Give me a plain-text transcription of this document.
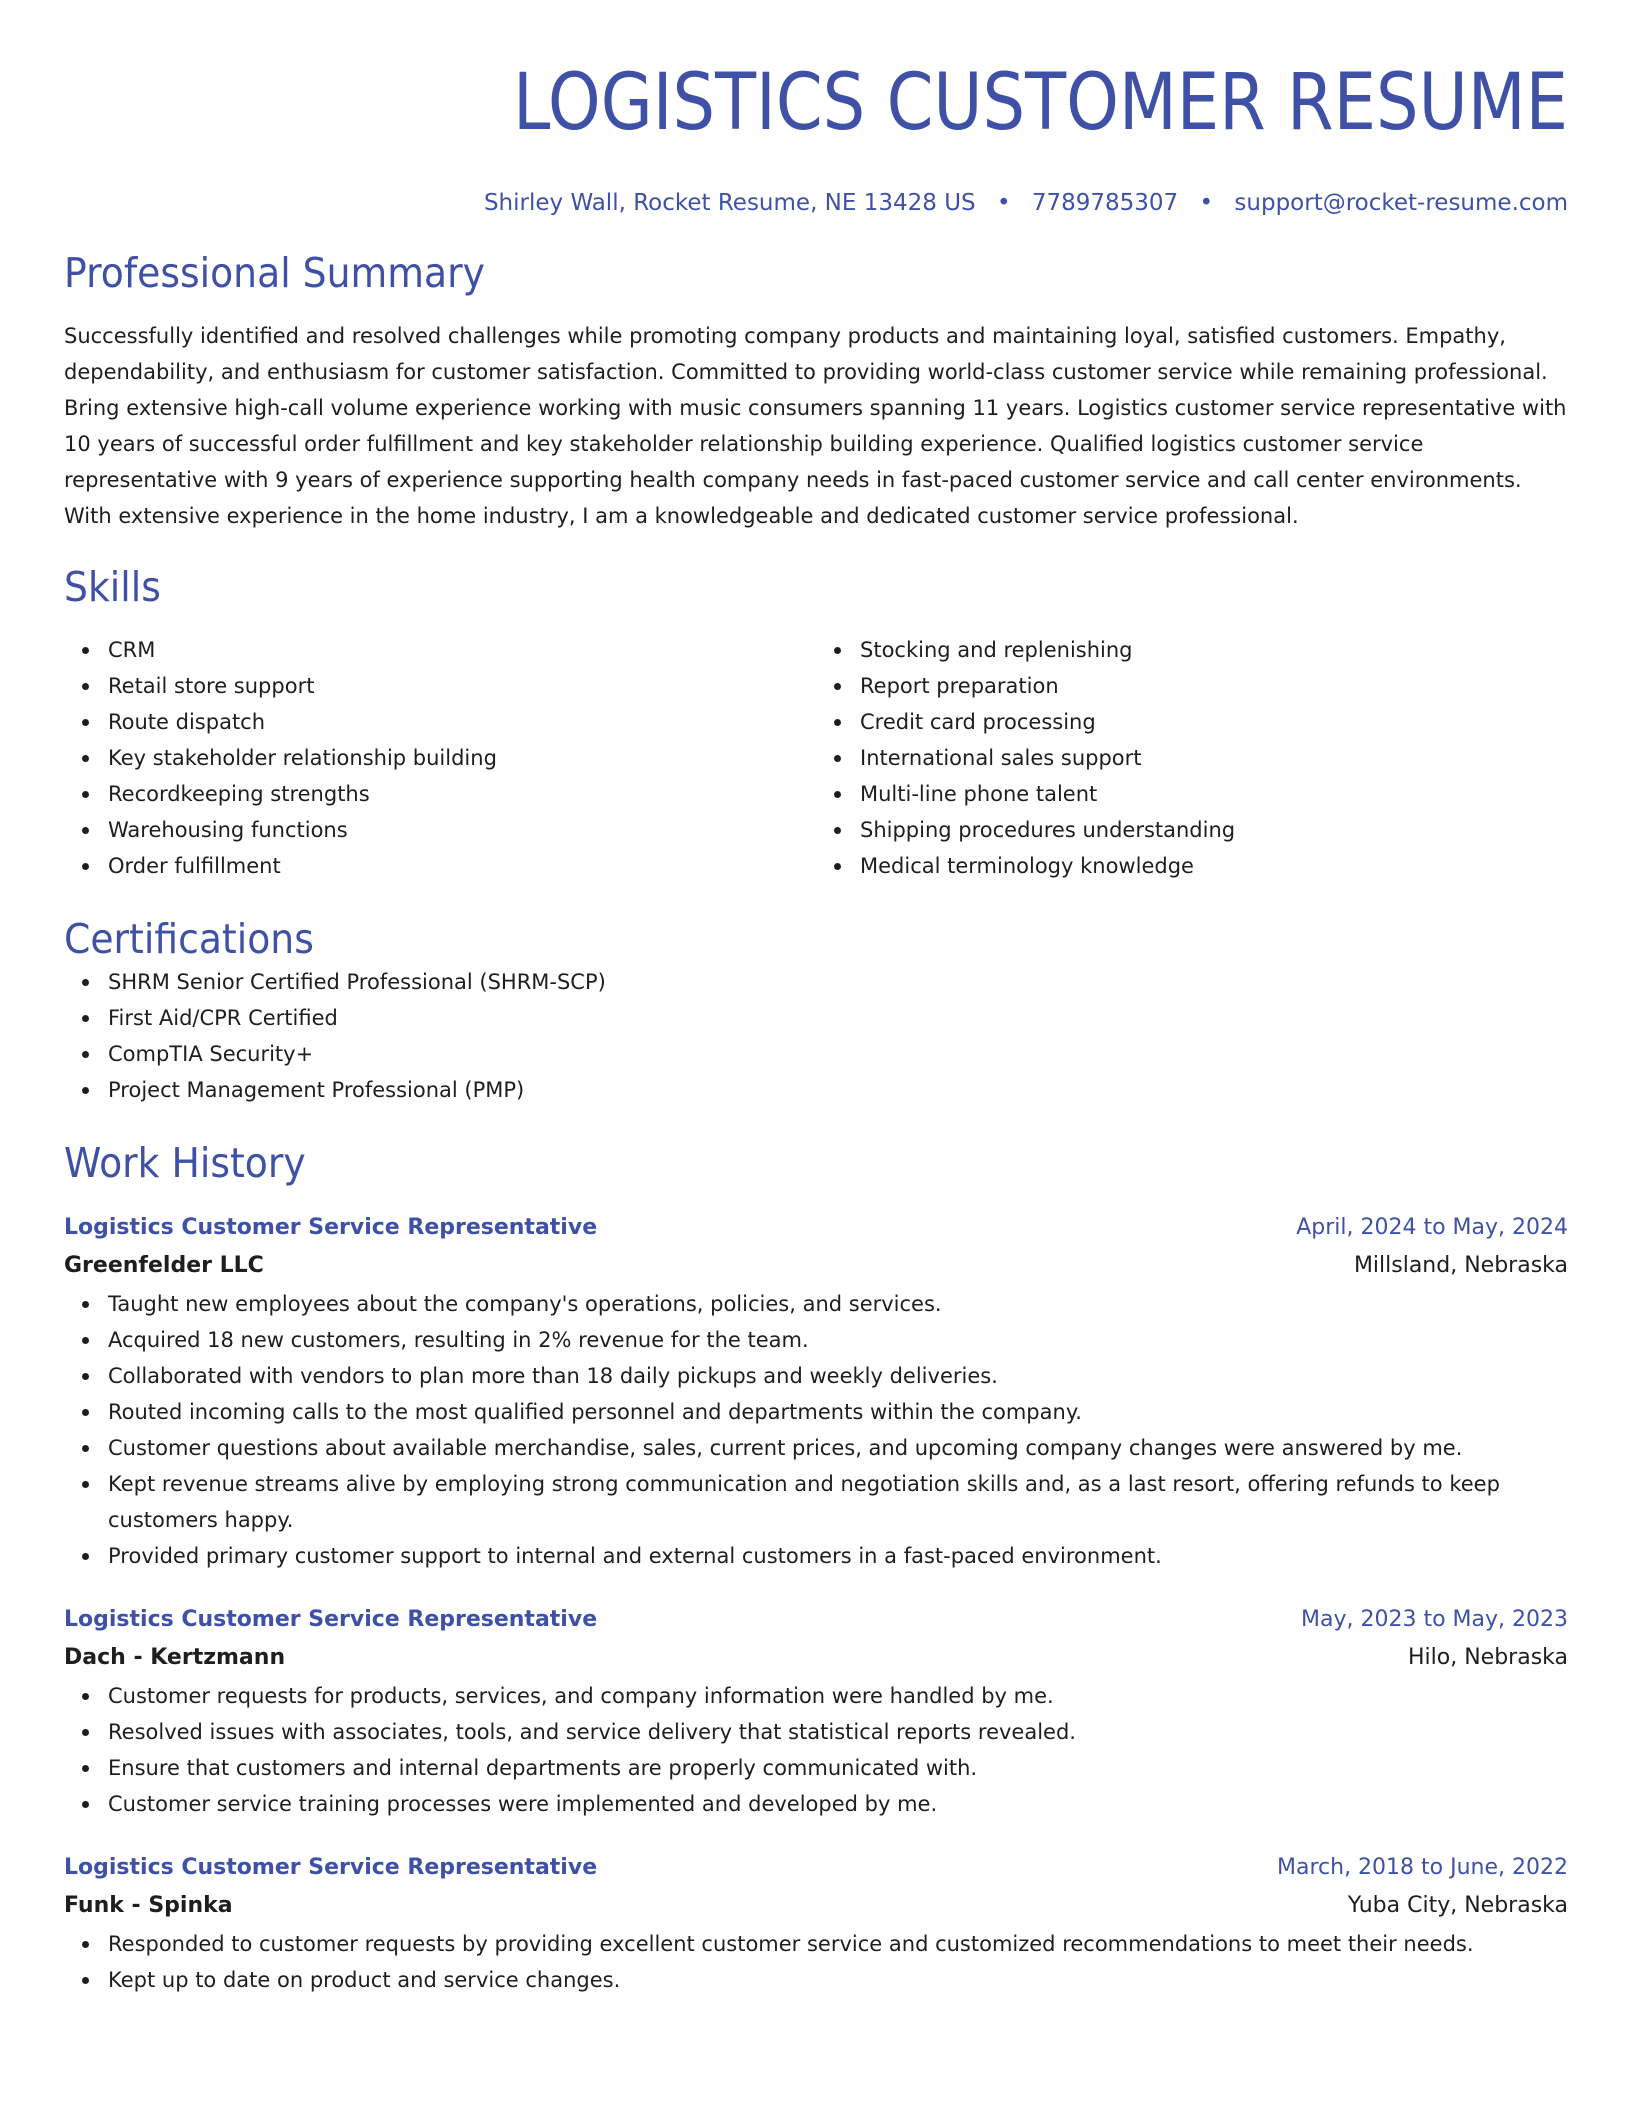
LOGISTICS CUSTOMER RESUME
Shirley Wall, Rocket Resume, NE 13428 US • 7789785307 • support@rocket-resume.com
Professional Summary

Successfully identified and resolved challenges while promoting company products and maintaining loyal, satisfied customers. Empathy, dependability, and enthusiasm for customer satisfaction. Committed to providing world-class customer service while remaining professional. Bring extensive high-call volume experience working with music consumers spanning 11 years. Logistics customer service representative with 10 years of successful order fulfillment and key stakeholder relationship building experience. Qualified logistics customer service representative with 9 years of experience supporting health company needs in fast-paced customer service and call center environments. With extensive experience in the home industry, I am a knowledgeable and dedicated customer service professional.

Skills
CRM
Retail store support
Route dispatch
Key stakeholder relationship building
Recordkeeping strengths
Warehousing functions
Order fulfillment
Stocking and replenishing
Report preparation
Credit card processing
International sales support
Multi-line phone talent
Shipping procedures understanding
Medical terminology knowledge
Certifications
SHRM Senior Certified Professional (SHRM-SCP)
First Aid/CPR Certified
CompTIA Security+
Project Management Professional (PMP)
Work History
Logistics Customer Service Representative	April, 2024 to May, 2024
Greenfelder LLC	Millsland, Nebraska
Taught new employees about the company's operations, policies, and services.
Acquired 18 new customers, resulting in 2% revenue for the team.
Collaborated with vendors to plan more than 18 daily pickups and weekly deliveries.
Routed incoming calls to the most qualified personnel and departments within the company.
Customer questions about available merchandise, sales, current prices, and upcoming company changes were answered by me.
Kept revenue streams alive by employing strong communication and negotiation skills and, as a last resort, offering refunds to keep customers happy.
Provided primary customer support to internal and external customers in a fast-paced environment.
Logistics Customer Service Representative	May, 2023 to May, 2023
Dach - Kertzmann	Hilo, Nebraska
Customer requests for products, services, and company information were handled by me.
Resolved issues with associates, tools, and service delivery that statistical reports revealed.
Ensure that customers and internal departments are properly communicated with.
Customer service training processes were implemented and developed by me.
Logistics Customer Service Representative	March, 2018 to June, 2022
Funk - Spinka	Yuba City, Nebraska
Responded to customer requests by providing excellent customer service and customized recommendations to meet their needs.
Kept up to date on product and service changes.
